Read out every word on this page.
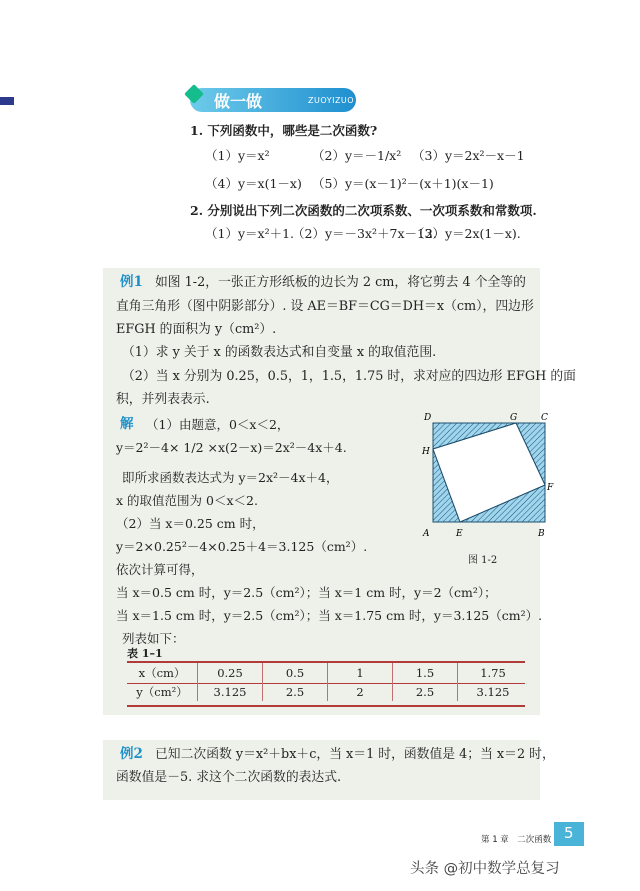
做一做	ZUOYIZUO
1. 下列函数中，哪些是二次函数?
（1）y＝x²	（2）y＝－1/x² （3）y＝2x²－x－1
（4）y＝x(1－x) （5）y＝(x－1)²－(x＋1)(x－1)
2. 分别说出下列二次函数的二次项系数、一次项系数和常数项.
（1）y＝x²＋1.
（2）y＝－3x²＋7x－12.
（3）y＝2x(1－x).
例1 如图 1-2，一张正方形纸板的边长为 2 cm，将它剪去 4 个全等的
直角三角形（图中阴影部分）. 设 AE＝BF＝CG＝DH＝x（cm），四边形
EFGH 的面积为 y（cm²）.
（1）求 y 关于 x 的函数表达式和自变量 x 的取值范围.
（2）当 x 分别为 0.25，0.5，1，1.5，1.75 时，求对应的四边形 EFGH 的面
积，并列表表示.
解 （1）由题意，0＜x＜2，
y＝2²－4× 1/2 ×x(2－x)＝2x²－4x＋4.
即所求函数表达式为 y＝2x²－4x＋4，
x 的取值范围为 0＜x＜2.
（2）当 x＝0.25 cm 时，
y＝2×0.25²－4×0.25＋4＝3.125（cm²）.
依次计算可得，
当 x＝0.5 cm 时，y＝2.5（cm²）；当 x＝1 cm 时，y＝2（cm²）；
当 x＝1.5 cm 时，y＝2.5（cm²）；当 x＝1.75 cm 时，y＝3.125（cm²）.
列表如下：
表 1–1
A	E	B
F
C
G
D
H
图 1-2
x（cm）	0.25	0.5	1	1.5	1.75
y（cm²）	3.125	2.5	2	2.5	3.125
例2 已知二次函数 y＝x²＋bx＋c，当 x＝1 时，函数值是 4；当 x＝2 时，
函数值是－5. 求这个二次函数的表达式.
第 1 章　二次函数 5
头条 @初中数学总复习
